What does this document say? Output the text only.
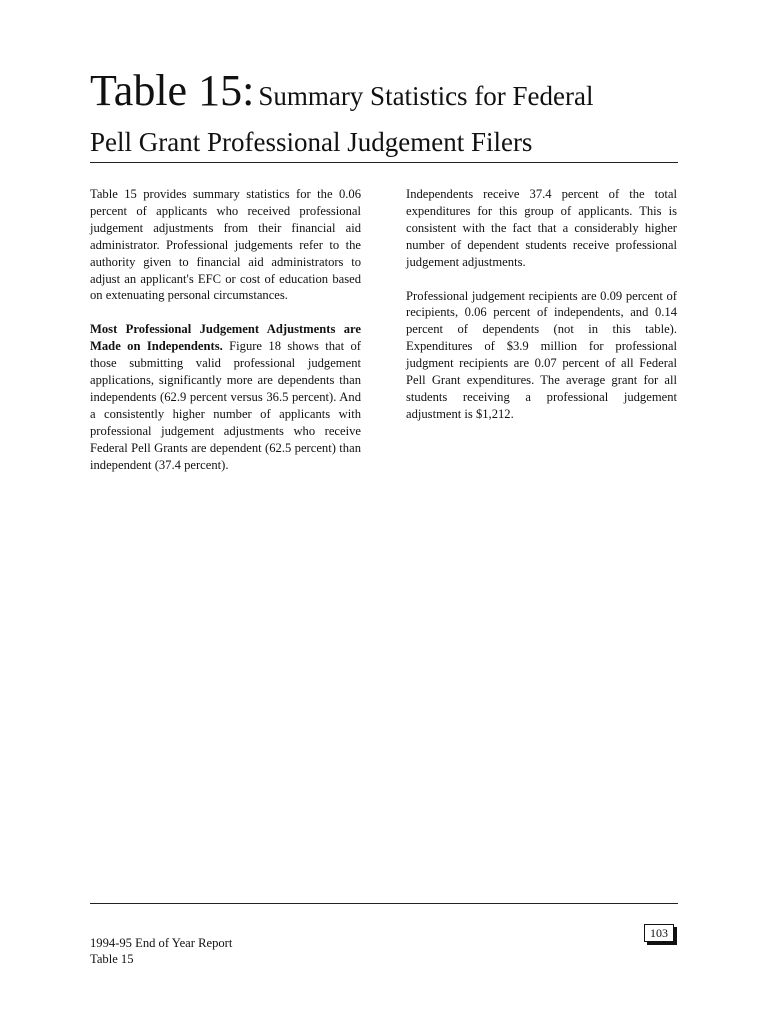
Table 15: Summary Statistics for Federal
Pell Grant Professional Judgement Filers

Table 15 provides summary statistics for the 0.06 percent of applicants who received professional judgement adjustments from their financial aid administrator. Professional judgements refer to the authority given to financial aid administrators to adjust an applicant's EFC or cost of education based on extenuating personal circumstances.

Most Professional Judgement Adjustments are Made on Independents. Figure 18 shows that of those submitting valid professional judgement applications, significantly more are dependents than independents (62.9 percent versus 36.5 percent). And a consistently higher number of applicants with professional judgement adjustments who receive Federal Pell Grants are dependent (62.5 percent) than independent (37.4 percent).

Independents receive 37.4 percent of the total expenditures for this group of applicants. This is consistent with the fact that a considerably higher number of dependent students receive professional judgement adjustments.

Professional judgement recipients are 0.09 percent of recipients, 0.06 percent of independents, and 0.14 percent of dependents (not in this table). Expenditures of $3.9 million for professional judgment recipients are 0.07 percent of all Federal Pell Grant expenditures. The average grant for all students receiving a professional judgement adjustment is $1,212.

1994-95 End of Year Report
Table 15
103
